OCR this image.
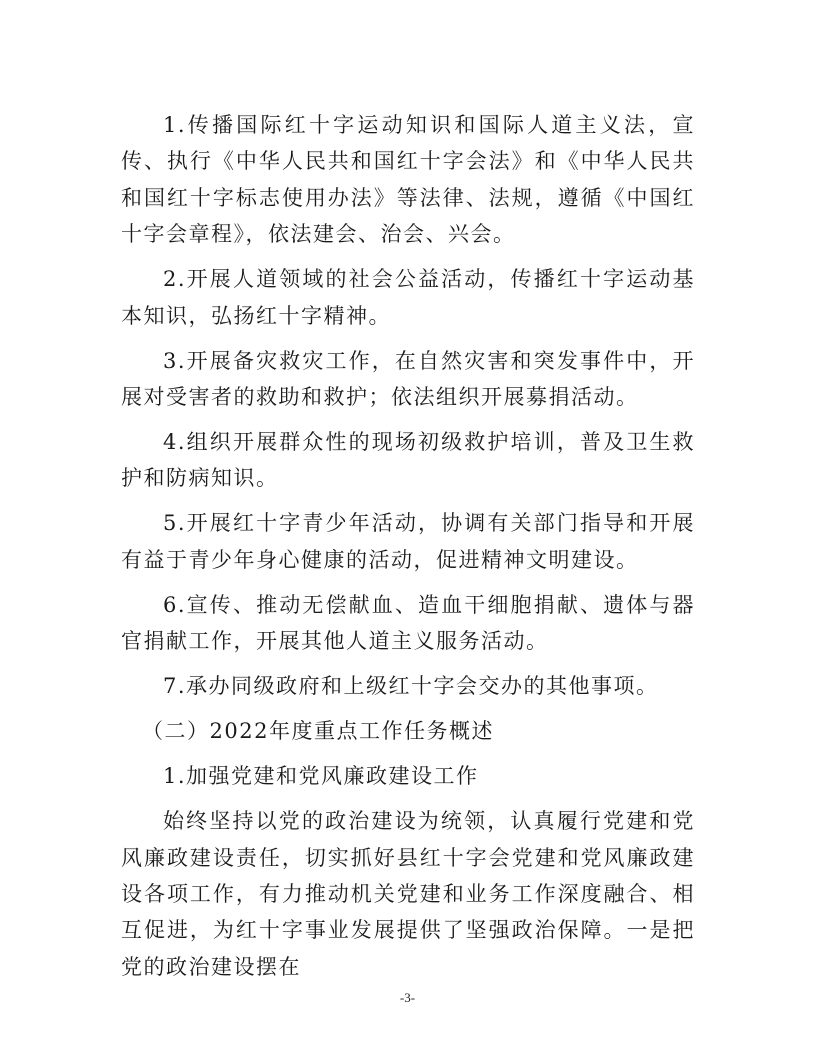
1.传播国际红十字运动知识和国际人道主义法，宣传、执行《中华人民共和国红十字会法》和《中华人民共和国红十字标志使用办法》等法律、法规，遵循《中国红十字会章程》，依法建会、治会、兴会。

2.开展人道领域的社会公益活动，传播红十字运动基本知识，弘扬红十字精神。

3.开展备灾救灾工作，在自然灾害和突发事件中，开展对受害者的救助和救护；依法组织开展募捐活动。

4.组织开展群众性的现场初级救护培训，普及卫生救护和防病知识。

5.开展红十字青少年活动，协调有关部门指导和开展有益于青少年身心健康的活动，促进精神文明建设。

6.宣传、推动无偿献血、造血干细胞捐献、遗体与器官捐献工作，开展其他人道主义服务活动。

7.承办同级政府和上级红十字会交办的其他事项。

（二）2022年度重点工作任务概述

1.加强党建和党风廉政建设工作

始终坚持以党的政治建设为统领，认真履行党建和党风廉政建设责任，切实抓好县红十字会党建和党风廉政建设各项工作，有力推动机关党建和业务工作深度融合、相互促进，为红十字事业发展提供了坚强政治保障。一是把党的政治建设摆在

-3-
